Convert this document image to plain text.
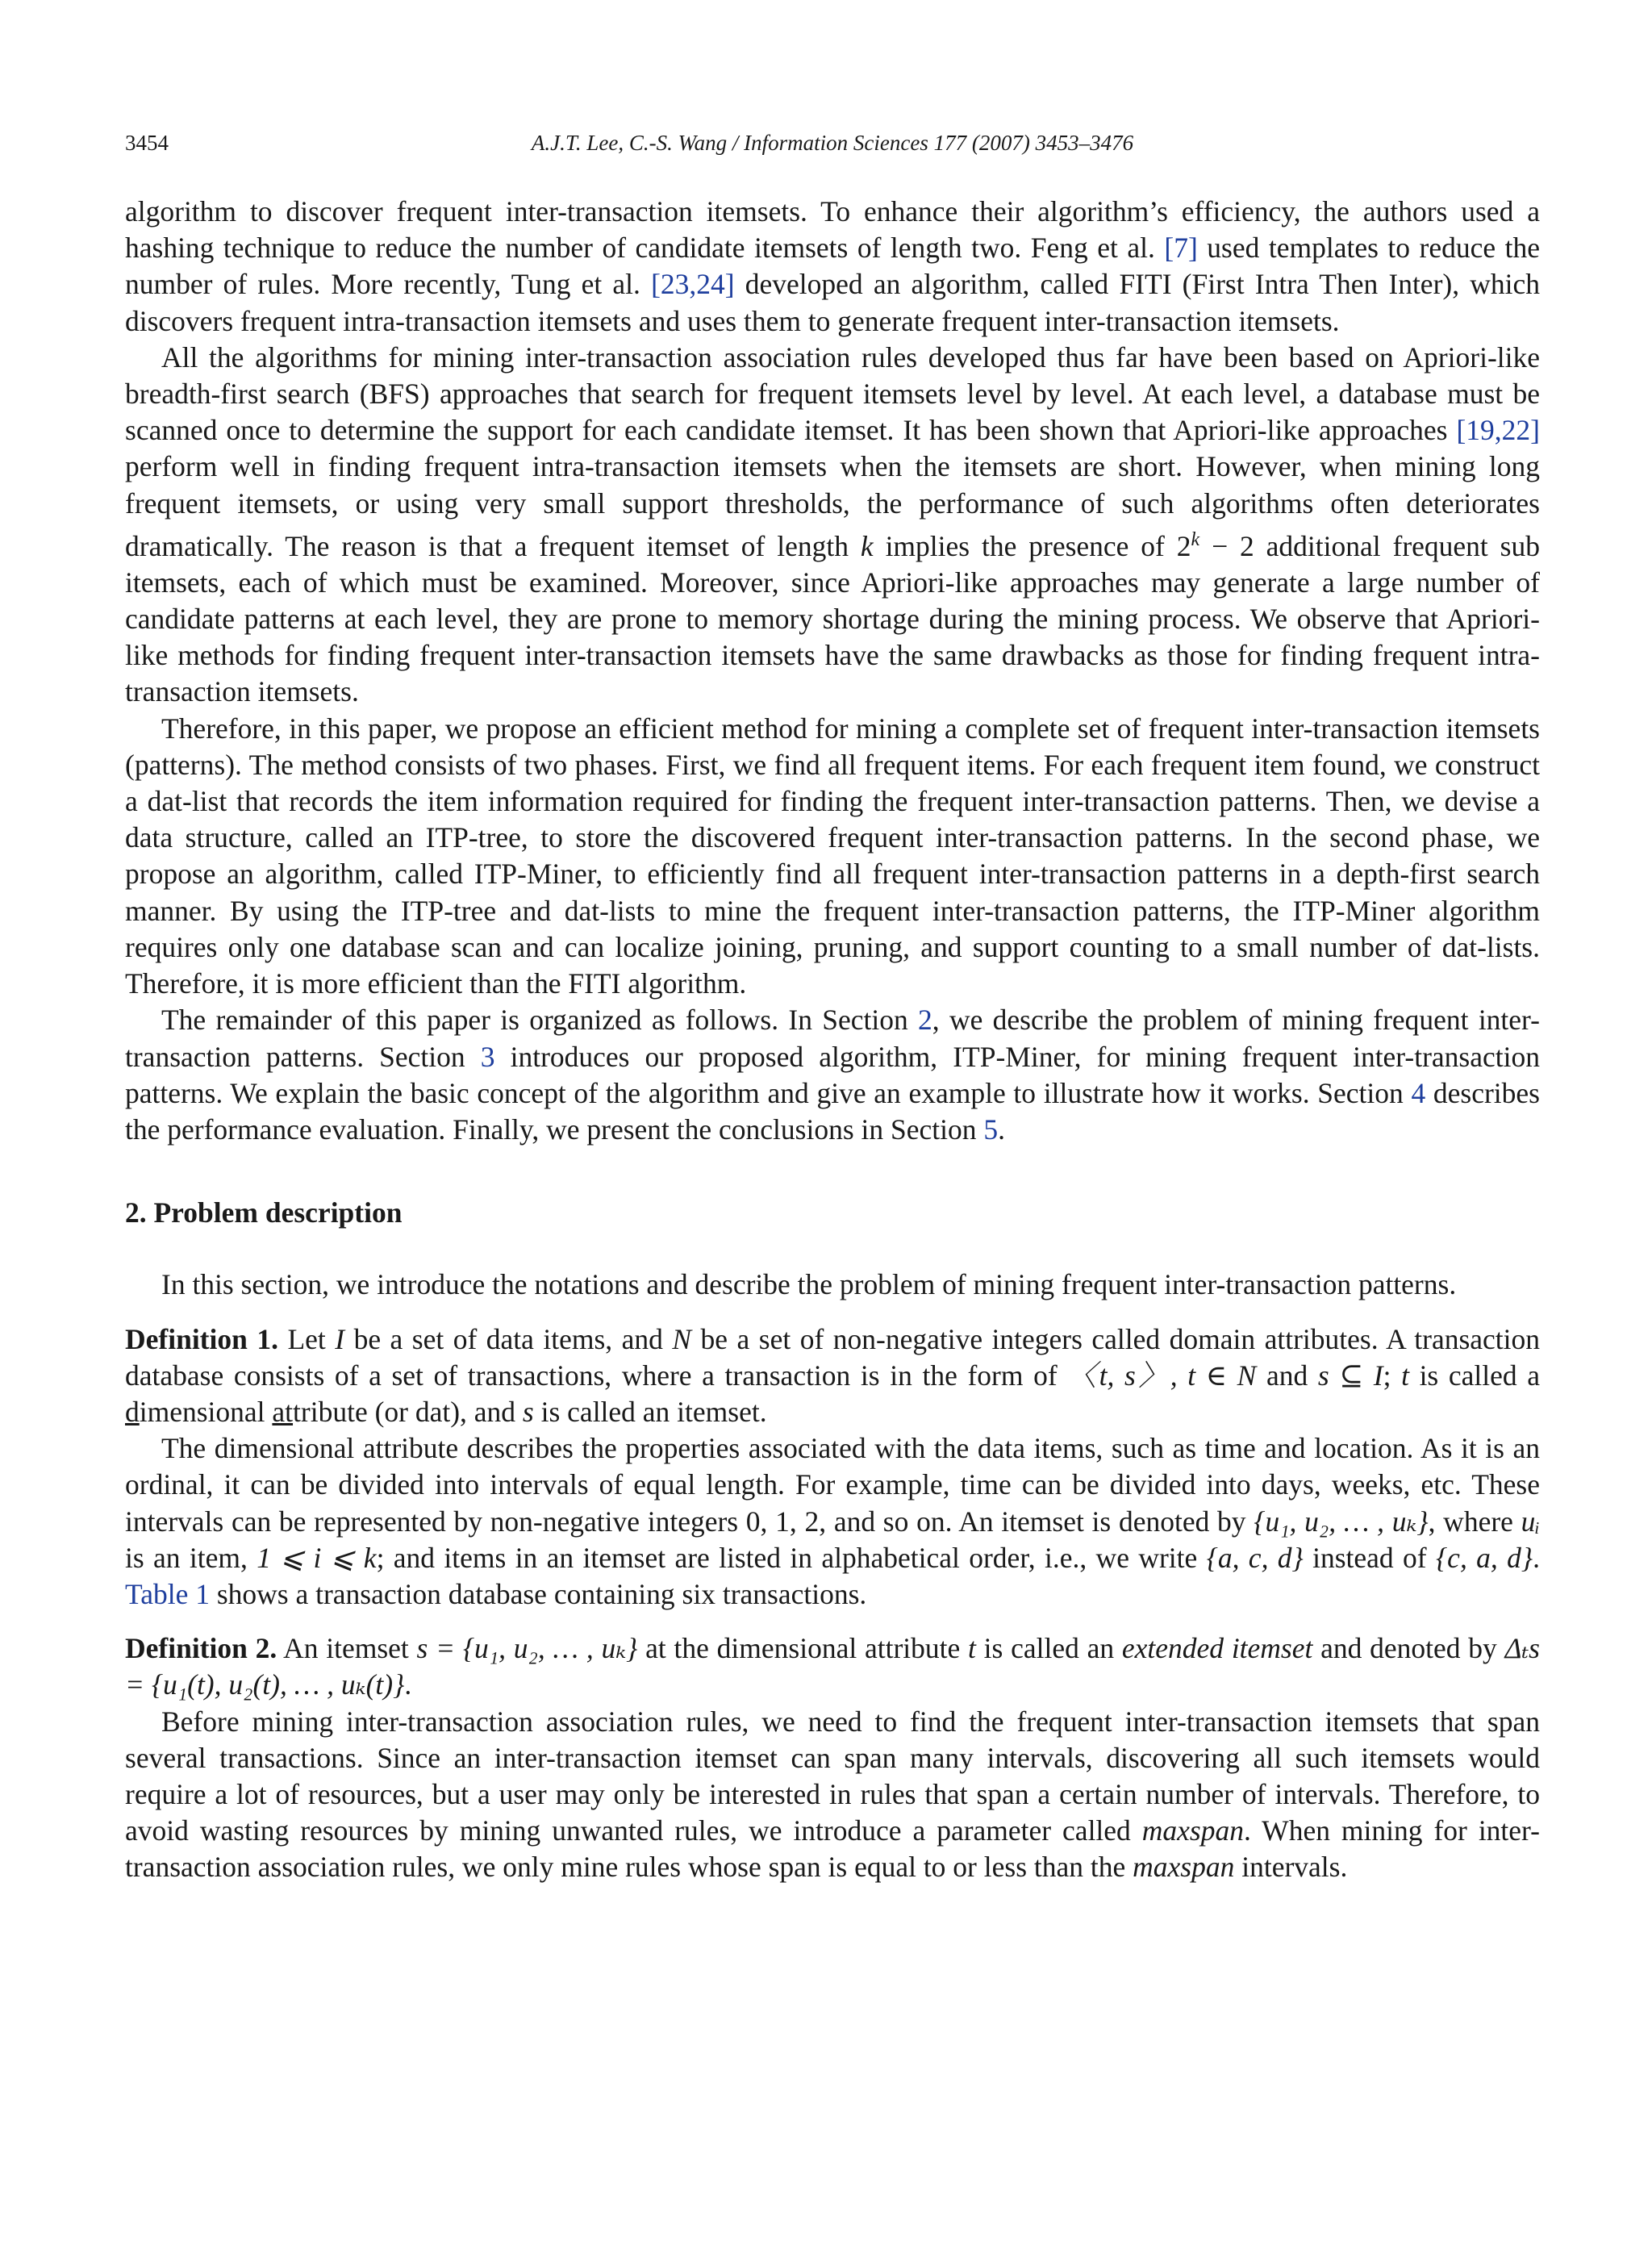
3454	A.J.T. Lee, C.-S. Wang / Information Sciences 177 (2007) 3453–3476

algorithm to discover frequent inter-transaction itemsets. To enhance their algorithm’s efficiency, the authors used a hashing technique to reduce the number of candidate itemsets of length two. Feng et al. [7] used templates to reduce the number of rules. More recently, Tung et al. [23,24] developed an algorithm, called FITI (First Intra Then Inter), which discovers frequent intra-transaction itemsets and uses them to generate frequent inter-transaction itemsets.

All the algorithms for mining inter-transaction association rules developed thus far have been based on Apriori-like breadth-first search (BFS) approaches that search for frequent itemsets level by level. At each level, a database must be scanned once to determine the support for each candidate itemset. It has been shown that Apriori-like approaches [19,22] perform well in finding frequent intra-transaction itemsets when the itemsets are short. However, when mining long frequent itemsets, or using very small support thresholds, the performance of such algorithms often deteriorates dramatically. The reason is that a frequent itemset of length k implies the presence of $2^k - 2$ additional frequent sub itemsets, each of which must be examined. Moreover, since Apriori-like approaches may generate a large number of candidate patterns at each level, they are prone to memory shortage during the mining process. We observe that Apriori-like methods for finding frequent inter-transaction itemsets have the same drawbacks as those for finding frequent intra-transaction itemsets.

Therefore, in this paper, we propose an efficient method for mining a complete set of frequent inter-transaction itemsets (patterns). The method consists of two phases. First, we find all frequent items. For each frequent item found, we construct a dat-list that records the item information required for finding the frequent inter-transaction patterns. Then, we devise a data structure, called an ITP-tree, to store the discovered frequent inter-transaction patterns. In the second phase, we propose an algorithm, called ITP-Miner, to efficiently find all frequent inter-transaction patterns in a depth-first search manner. By using the ITP-tree and dat-lists to mine the frequent inter-transaction patterns, the ITP-Miner algorithm requires only one database scan and can localize joining, pruning, and support counting to a small number of dat-lists. Therefore, it is more efficient than the FITI algorithm.

The remainder of this paper is organized as follows. In Section 2, we describe the problem of mining frequent inter-transaction patterns. Section 3 introduces our proposed algorithm, ITP-Miner, for mining frequent inter-transaction patterns. We explain the basic concept of the algorithm and give an example to illustrate how it works. Section 4 describes the performance evaluation. Finally, we present the conclusions in Section 5.

2. Problem description

In this section, we introduce the notations and describe the problem of mining frequent inter-transaction patterns.

Definition 1. Let I be a set of data items, and N be a set of non-negative integers called domain attributes. A transaction database consists of a set of transactions, where a transaction is in the form of 〈t, s〉, t ∈ N and s ⊆ I; t is called a dimensional attribute (or dat), and s is called an itemset.

The dimensional attribute describes the properties associated with the data items, such as time and location. As it is an ordinal, it can be divided into intervals of equal length. For example, time can be divided into days, weeks, etc. These intervals can be represented by non-negative integers 0, 1, 2, and so on. An itemset is denoted by {u₁, u₂, … , uₖ}, where uᵢ is an item, 1 ⩽ i ⩽ k; and items in an itemset are listed in alphabetical order, i.e., we write {a, c, d} instead of {c, a, d}. Table 1 shows a transaction database containing six transactions.

Definition 2. An itemset s = {u₁, u₂, … , uₖ} at the dimensional attribute t is called an extended itemset and denoted by Δₜs = {u₁(t), u₂(t), … , uₖ(t)}.

Before mining inter-transaction association rules, we need to find the frequent inter-transaction itemsets that span several transactions. Since an inter-transaction itemset can span many intervals, discovering all such itemsets would require a lot of resources, but a user may only be interested in rules that span a certain number of intervals. Therefore, to avoid wasting resources by mining unwanted rules, we introduce a parameter called maxspan. When mining for inter-transaction association rules, we only mine rules whose span is equal to or less than the maxspan intervals.
